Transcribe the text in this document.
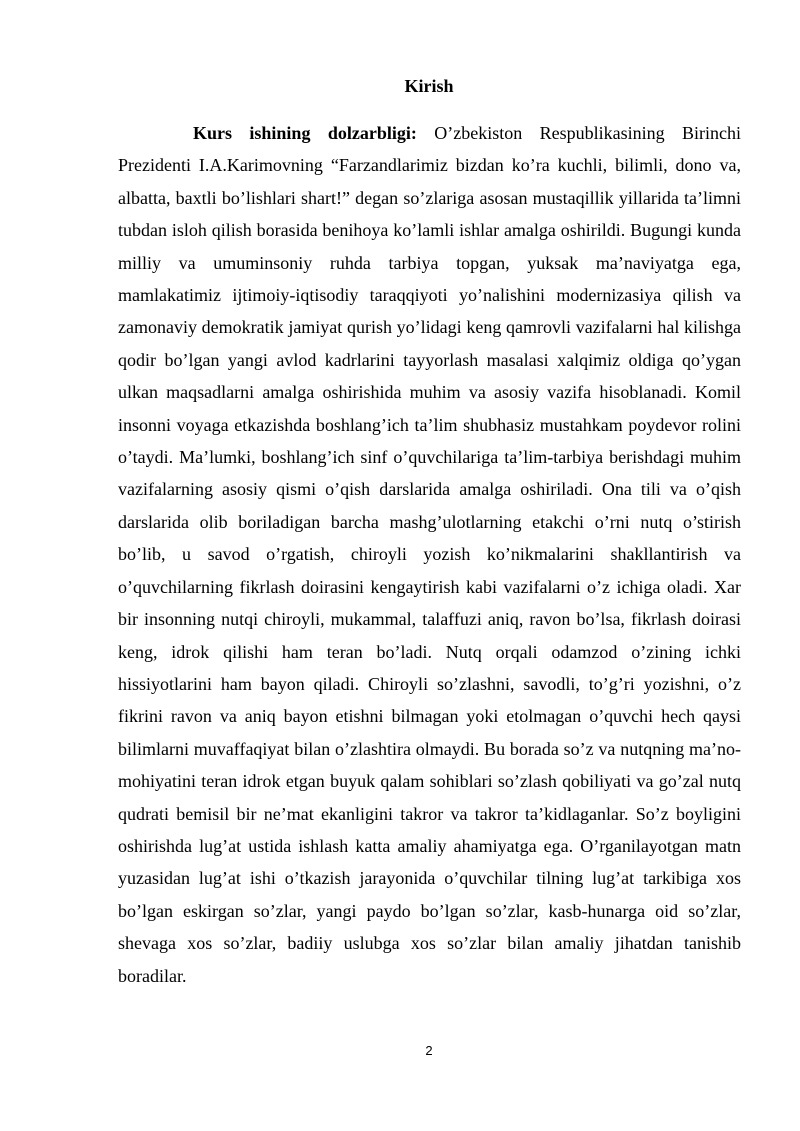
Kirish

Kurs ishining dolzarbligi: O’zbekiston Respublikasining Birinchi Prezidenti I.A.Karimovning “Farzandlarimiz bizdan ko’ra kuchli, bilimli, dono va, albatta, baxtli bo’lishlari shart!” degan so’zlariga asosan mustaqillik yillarida ta’limni tubdan isloh qilish borasida benihoya ko’lamli ishlar amalga oshirildi. Bugungi kunda milliy va umuminsoniy ruhda tarbiya topgan, yuksak ma’naviyatga ega, mamlakatimiz ijtimoiy-iqtisodiy taraqqiyoti yo’nalishini modernizasiya qilish va zamonaviy demokratik jamiyat qurish yo’lidagi keng qamrovli vazifalarni hal kilishga qodir bo’lgan yangi avlod kadrlarini tayyorlash masalasi xalqimiz oldiga qo’ygan ulkan maqsadlarni amalga oshirishida muhim va asosiy vazifa hisoblanadi. Komil insonni voyaga etkazishda boshlang’ich ta’lim shubhasiz mustahkam poydevor rolini o’taydi. Ma’lumki, boshlang’ich sinf o’quvchilariga ta’lim-tarbiya berishdagi muhim vazifalarning asosiy qismi o’qish darslarida amalga oshiriladi. Ona tili va o’qish darslarida olib boriladigan barcha mashg’ulotlarning etakchi o’rni nutq o’stirish bo’lib, u savod o’rgatish, chiroyli yozish ko’nikmalarini shakllantirish va o’quvchilarning fikrlash doirasini kengaytirish kabi vazifalarni o’z ichiga oladi. Xar bir insonning nutqi chiroyli, mukammal, talaffuzi aniq, ravon bo’lsa, fikrlash doirasi keng, idrok qilishi ham teran bo’ladi. Nutq orqali odamzod o’zining ichki hissiyotlarini ham bayon qiladi. Chiroyli so’zlashni, savodli, to’g’ri yozishni, o’z fikrini ravon va aniq bayon etishni bilmagan yoki etolmagan o’quvchi hech qaysi bilimlarni muvaffaqiyat bilan o’zlashtira olmaydi. Bu borada so’z va nutqning ma’no-mohiyatini teran idrok etgan buyuk qalam sohiblari so’zlash qobiliyati va go’zal nutq qudrati bemisil bir ne’mat ekanligini takror va takror ta’kidlaganlar. So’z boyligini oshirishda lug’at ustida ishlash katta amaliy ahamiyatga ega. O’rganilayotgan matn yuzasidan lug’at ishi o’tkazish jarayonida o’quvchilar tilning lug’at tarkibiga xos bo’lgan eskirgan so’zlar, yangi paydo bo’lgan so’zlar, kasb-hunarga oid so’zlar, shevaga xos so’zlar, badiiy uslubga xos so’zlar bilan amaliy jihatdan tanishib boradilar.

2
